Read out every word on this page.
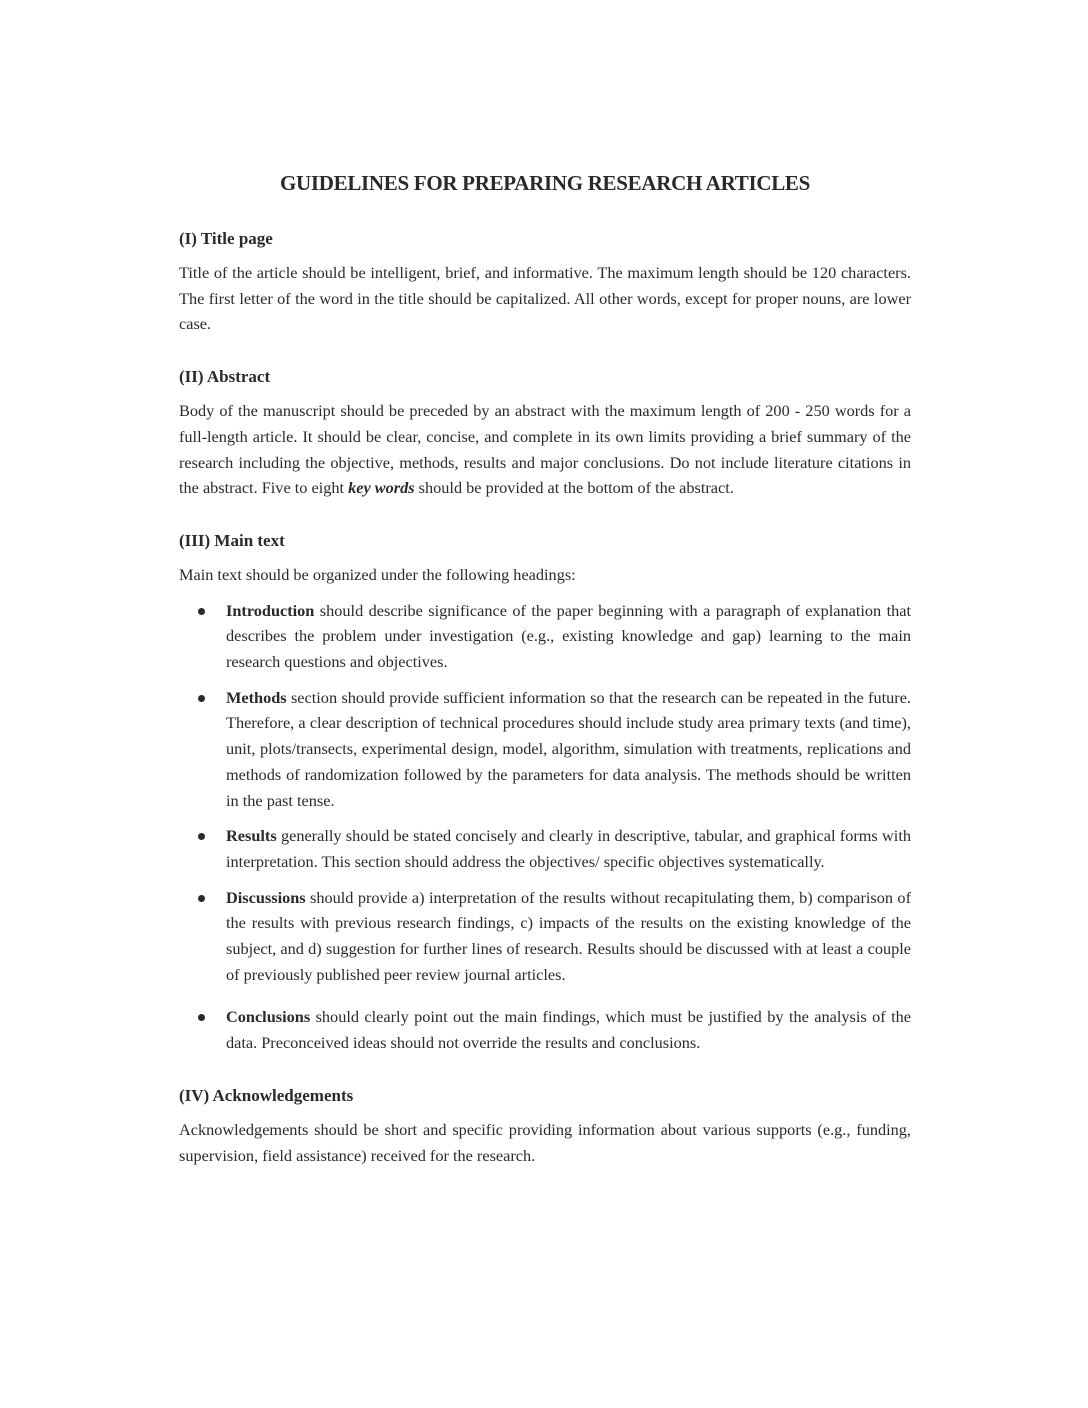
GUIDELINES FOR PREPARING RESEARCH ARTICLES
(I) Title page

Title of the article should be intelligent, brief, and informative. The maximum length should be 120 characters. The first letter of the word in the title should be capitalized. All other words, except for proper nouns, are lower case.

(II) Abstract

Body of the manuscript should be preceded by an abstract with the maximum length of 200 - 250 words for a full-length article. It should be clear, concise, and complete in its own limits providing a brief summary of the research including the objective, methods, results and major conclusions. Do not include literature citations in the abstract. Five to eight key words should be provided at the bottom of the abstract.

(III) Main text

Main text should be organized under the following headings:

Introduction should describe significance of the paper beginning with a paragraph of explanation that describes the problem under investigation (e.g., existing knowledge and gap) learning to the main research questions and objectives.

Methods section should provide sufficient information so that the research can be repeated in the future. Therefore, a clear description of technical procedures should include study area primary texts (and time), unit, plots/transects, experimental design, model, algorithm, simulation with treatments, replications and methods of randomization followed by the parameters for data analysis. The methods should be written in the past tense.

Results generally should be stated concisely and clearly in descriptive, tabular, and graphical forms with interpretation. This section should address the objectives/ specific objectives systematically.

Discussions should provide a) interpretation of the results without recapitulating them, b) comparison of the results with previous research findings, c) impacts of the results on the existing knowledge of the subject, and d) suggestion for further lines of research. Results should be discussed with at least a couple of previously published peer review journal articles.

Conclusions should clearly point out the main findings, which must be justified by the analysis of the data. Preconceived ideas should not override the results and conclusions.

(IV) Acknowledgements

Acknowledgements should be short and specific providing information about various supports (e.g., funding, supervision, field assistance) received for the research.
